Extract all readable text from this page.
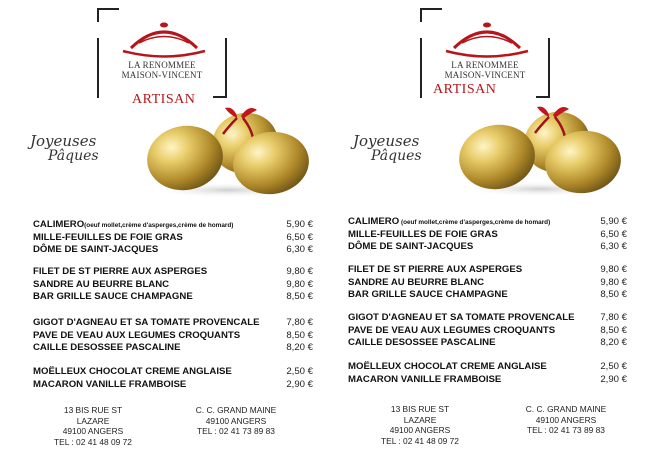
LA RENOMMEE
MAISON-VINCENT
ARTISAN
Joyeuses
Pâques
CALIMERO(oeuf mollet,crème d'asperges,crème de homard)	5,90 €
MILLE-FEUILLES DE FOIE GRAS	6,50 €
DÔME DE SAINT-JACQUES	6,30 €
FILET DE ST PIERRE AUX ASPERGES	9,80 €
SANDRE AU BEURRE BLANC	9,80 €
BAR GRILLE SAUCE CHAMPAGNE	8,50 €
GIGOT D'AGNEAU ET SA TOMATE PROVENCALE	7,80 €
PAVE DE VEAU AUX LEGUMES CROQUANTS	8,50 €
CAILLE DESOSSEE PASCALINE	8,20 €
MOËLLEUX CHOCOLAT CREME ANGLAISE	2,50 €
MACARON VANILLE FRAMBOISE	2,90 €
13 BIS RUE ST LAZARE
49100 ANGERS
TEL : 02 41 48 09 72
C. C. GRAND MAINE
49100 ANGERS
TEL : 02 41 73 89 83
LA RENOMMEE
MAISON-VINCENT
ARTISAN
Joyeuses
Pâques
CALIMERO (oeuf mollet,crème d'asperges,crème de homard)	5,90 €
MILLE-FEUILLES DE FOIE GRAS	6,50 €
DÔME DE SAINT-JACQUES	6,30 €
FILET DE ST PIERRE AUX ASPERGES	9,80 €
SANDRE AU BEURRE BLANC	9,80 €
BAR GRILLE SAUCE CHAMPAGNE	8,50 €
GIGOT D'AGNEAU ET SA TOMATE PROVENCALE	7,80 €
PAVE DE VEAU AUX LEGUMES CROQUANTS	8,50 €
CAILLE DESOSSEE PASCALINE	8,20 €
MOËLLEUX CHOCOLAT CREME ANGLAISE	2,50 €
MACARON VANILLE FRAMBOISE	2,90 €
13 BIS RUE ST LAZARE
49100 ANGERS
TEL : 02 41 48 09 72
C. C. GRAND MAINE
49100 ANGERS
TEL : 02 41 73 89 83
